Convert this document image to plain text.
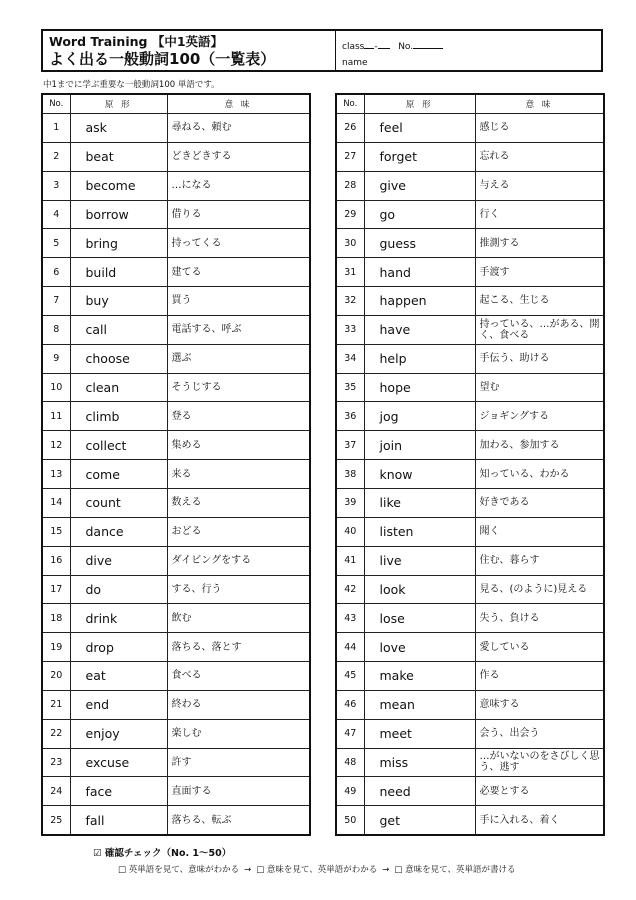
Word Training 【中1英語】
よく出る一般動詞100（一覧表）
class - No.
name
中1までに学ぶ重要な一般動詞100 単語です。
No.	原 形	意 味
1	ask	尋ねる、頼む
2	beat	どきどきする
3	become	…になる
4	borrow	借りる
5	bring	持ってくる
6	build	建てる
7	buy	買う
8	call	電話する、呼ぶ
9	choose	選ぶ
10	clean	そうじする
11	climb	登る
12	collect	集める
13	come	来る
14	count	数える
15	dance	おどる
16	dive	ダイビングをする
17	do	する、行う
18	drink	飲む
19	drop	落ちる、落とす
20	eat	食べる
21	end	終わる
22	enjoy	楽しむ
23	excuse	許す
24	face	直面する
25	fall	落ちる、転ぶ
No.	原 形	意 味
26	feel	感じる
27	forget	忘れる
28	give	与える
29	go	行く
30	guess	推測する
31	hand	手渡す
32	happen	起こる、生じる
33	have	持っている、…がある、開く、食べる
34	help	手伝う、助ける
35	hope	望む
36	jog	ジョギングする
37	join	加わる、参加する
38	know	知っている、わかる
39	like	好きである
40	listen	聞く
41	live	住む、暮らす
42	look	見る、(のように)見える
43	lose	失う、負ける
44	love	愛している
45	make	作る
46	mean	意味する
47	meet	会う、出会う
48	miss	…がいないのをさびしく思う、逃す
49	need	必要とする
50	get	手に入れる、着く
☑ 確認チェック（No. 1～50）
□ 英単語を見て、意味がわかる → □ 意味を見て、英単語がわかる → □ 意味を見て、英単語が書ける
